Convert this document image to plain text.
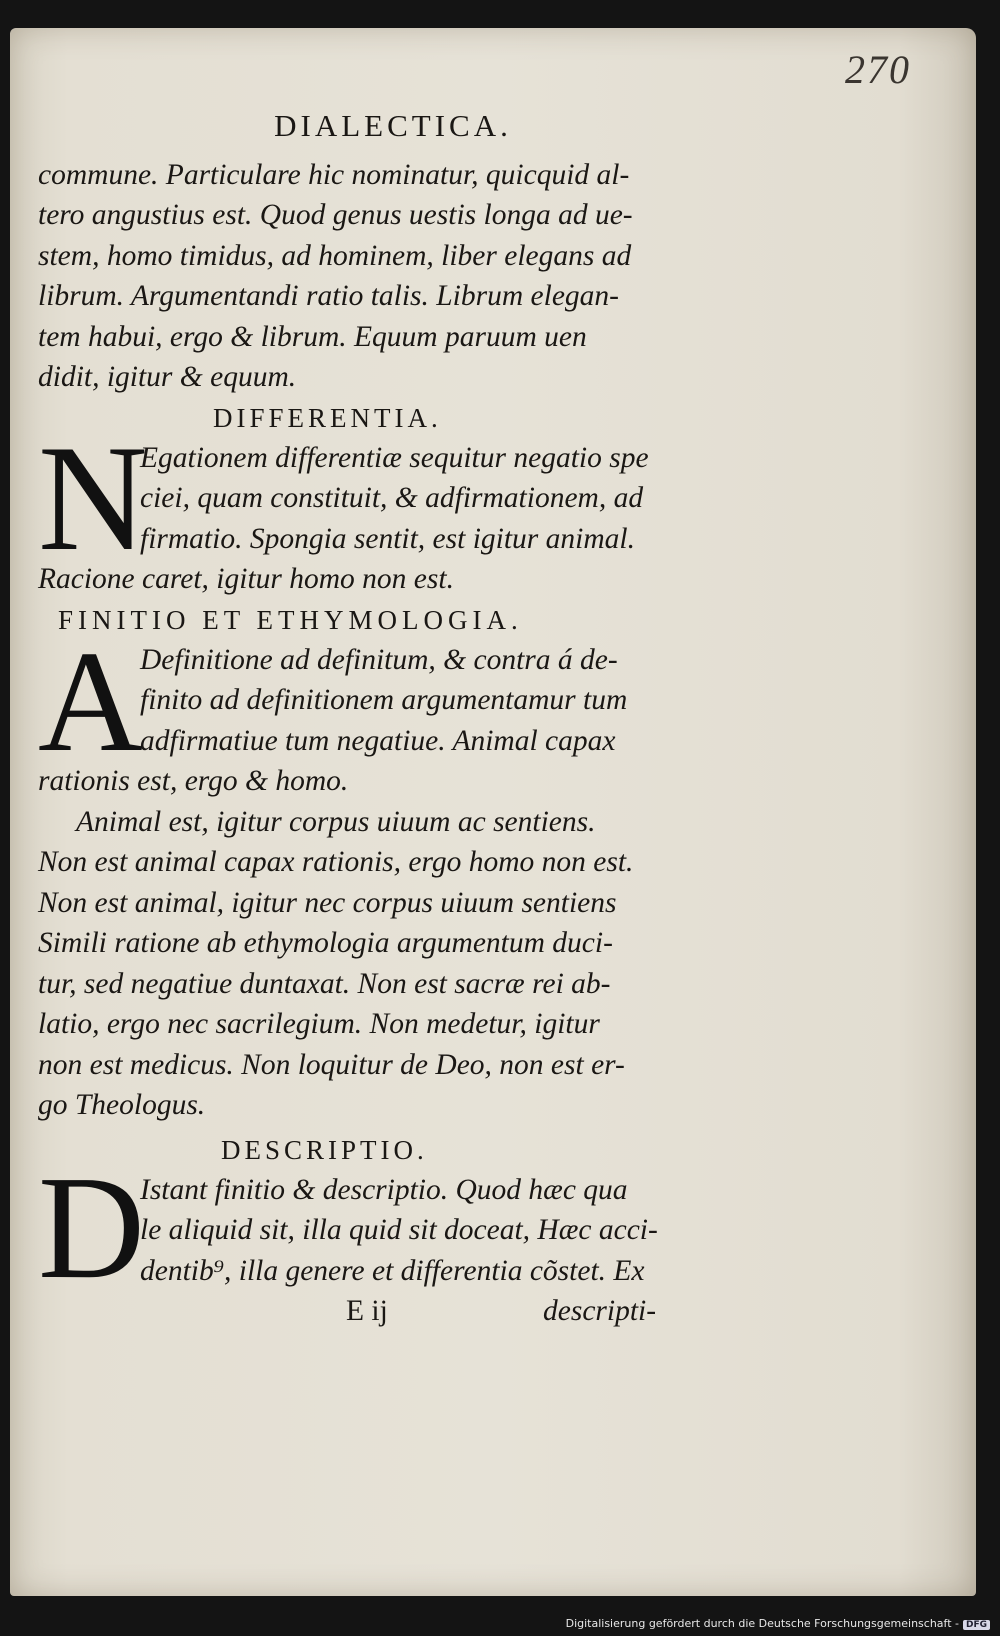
270
DIALECTICA.
commune. Particulare hic nominatur, quicquid al-
tero angustius est. Quod genus uestis longa ad ue-
stem, homo timidus, ad hominem, liber elegans ad
librum. Argumentandi ratio talis. Librum elegan-
tem habui, ergo & librum. Equum paruum uen
didit, igitur & equum.
DIFFERENTIA.
N
Egationem differentiæ sequitur negatio spe
ciei, quam constituit, & adfirmationem, ad
firmatio. Spongia sentit, est igitur animal.
Racione caret, igitur homo non est.
FINITIO ET ETHYMOLOGIA.
A
Definitione ad definitum, & contra á de-
finito ad definitionem argumentamur tum
adfirmatiue tum negatiue. Animal capax
rationis est, ergo & homo.
Animal est, igitur corpus uiuum ac sentiens.
Non est animal capax rationis, ergo homo non est.
Non est animal, igitur nec corpus uiuum sentiens
Simili ratione ab ethymologia argumentum duci-
tur, sed negatiue duntaxat. Non est sacræ rei ab-
latio, ergo nec sacrilegium. Non medetur, igitur
non est medicus. Non loquitur de Deo, non est er-
go Theologus.
DESCRIPTIO.
D
Istant finitio & descriptio. Quod hæc qua
le aliquid sit, illa quid sit doceat, Hæc acci-
dentib⁹, illa genere et differentia cõstet. Ex
E ij	descripti-
Digitalisierung gefördert durch die Deutsche Forschungsgemeinschaft - DFG
